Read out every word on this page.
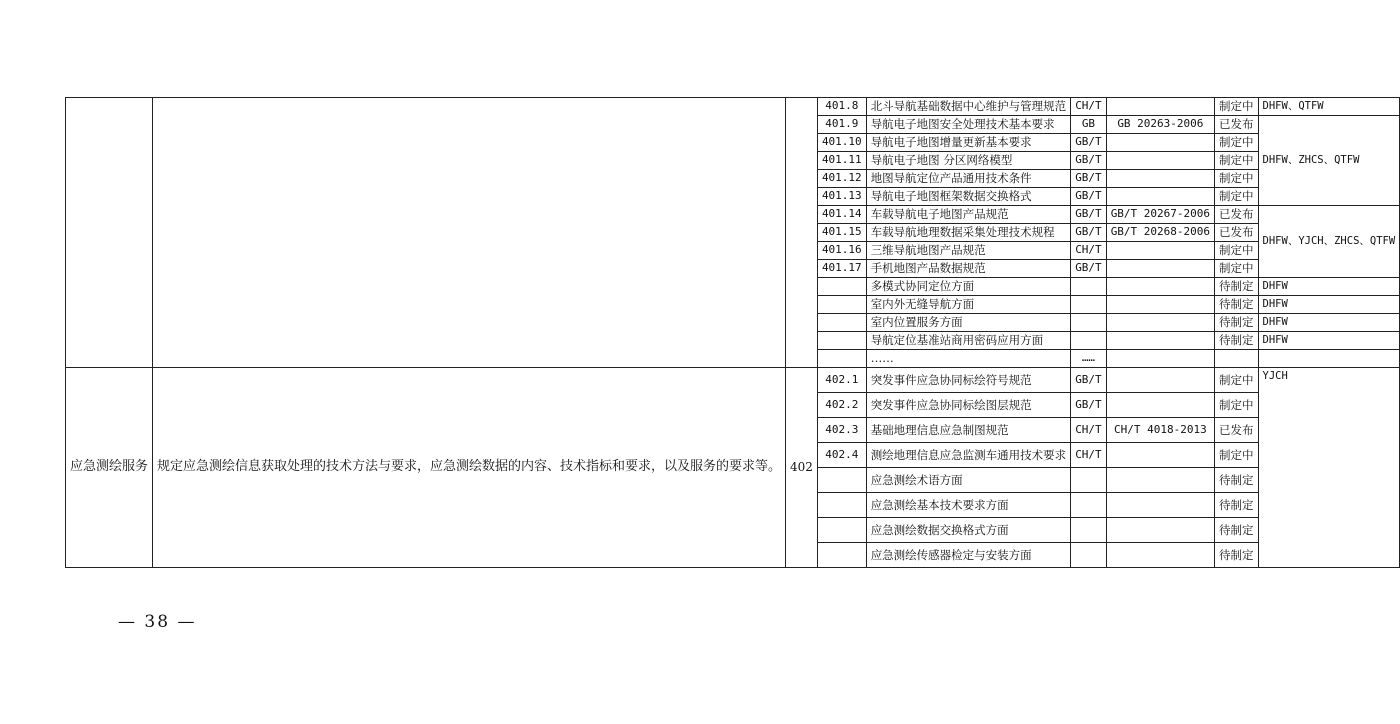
			401.8	北斗导航基础数据中心维护与管理规范	CH/T		制定中	DHFW、QTFW
			401.9	导航电子地图安全处理技术基本要求	GB	GB 20263-2006	已发布	DHFW、ZHCS、QTFW
			401.10	导航电子地图增量更新基本要求	GB/T		制定中	
			401.11	导航电子地图 分区网络模型	GB/T		制定中	
			401.12	地图导航定位产品通用技术条件	GB/T		制定中	
			401.13	导航电子地图框架数据交换格式	GB/T		制定中	
			401.14	车载导航电子地图产品规范	GB/T	GB/T 20267-2006	已发布	DHFW、YJCH、ZHCS、QTFW
			401.15	车载导航地理数据采集处理技术规程	GB/T	GB/T 20268-2006	已发布	
			401.16	三维导航地图产品规范	CH/T		制定中	
			401.17	手机地图产品数据规范	GB/T		制定中	
				多模式协同定位方面			待制定	DHFW
				室内外无缝导航方面			待制定	DHFW
				室内位置服务方面			待制定	DHFW
				导航定位基准站商用密码应用方面			待制定	DHFW
				……	……			
应急测绘服务	规定应急测绘信息获取处理的技术方法与要求，应急测绘数据的内容、技术指标和要求，以及服务的要求等。	402	402.1	突发事件应急协同标绘符号规范	GB/T		制定中	YJCH
			402.2	突发事件应急协同标绘图层规范	GB/T		制定中	
			402.3	基础地理信息应急制图规范	CH/T	CH/T 4018-2013	已发布	
			402.4	测绘地理信息应急监测车通用技术要求	CH/T		制定中	
				应急测绘术语方面			待制定	
				应急测绘基本技术要求方面			待制定	
				应急测绘数据交换格式方面			待制定	
				应急测绘传感器检定与安装方面			待制定	
— 38 —
